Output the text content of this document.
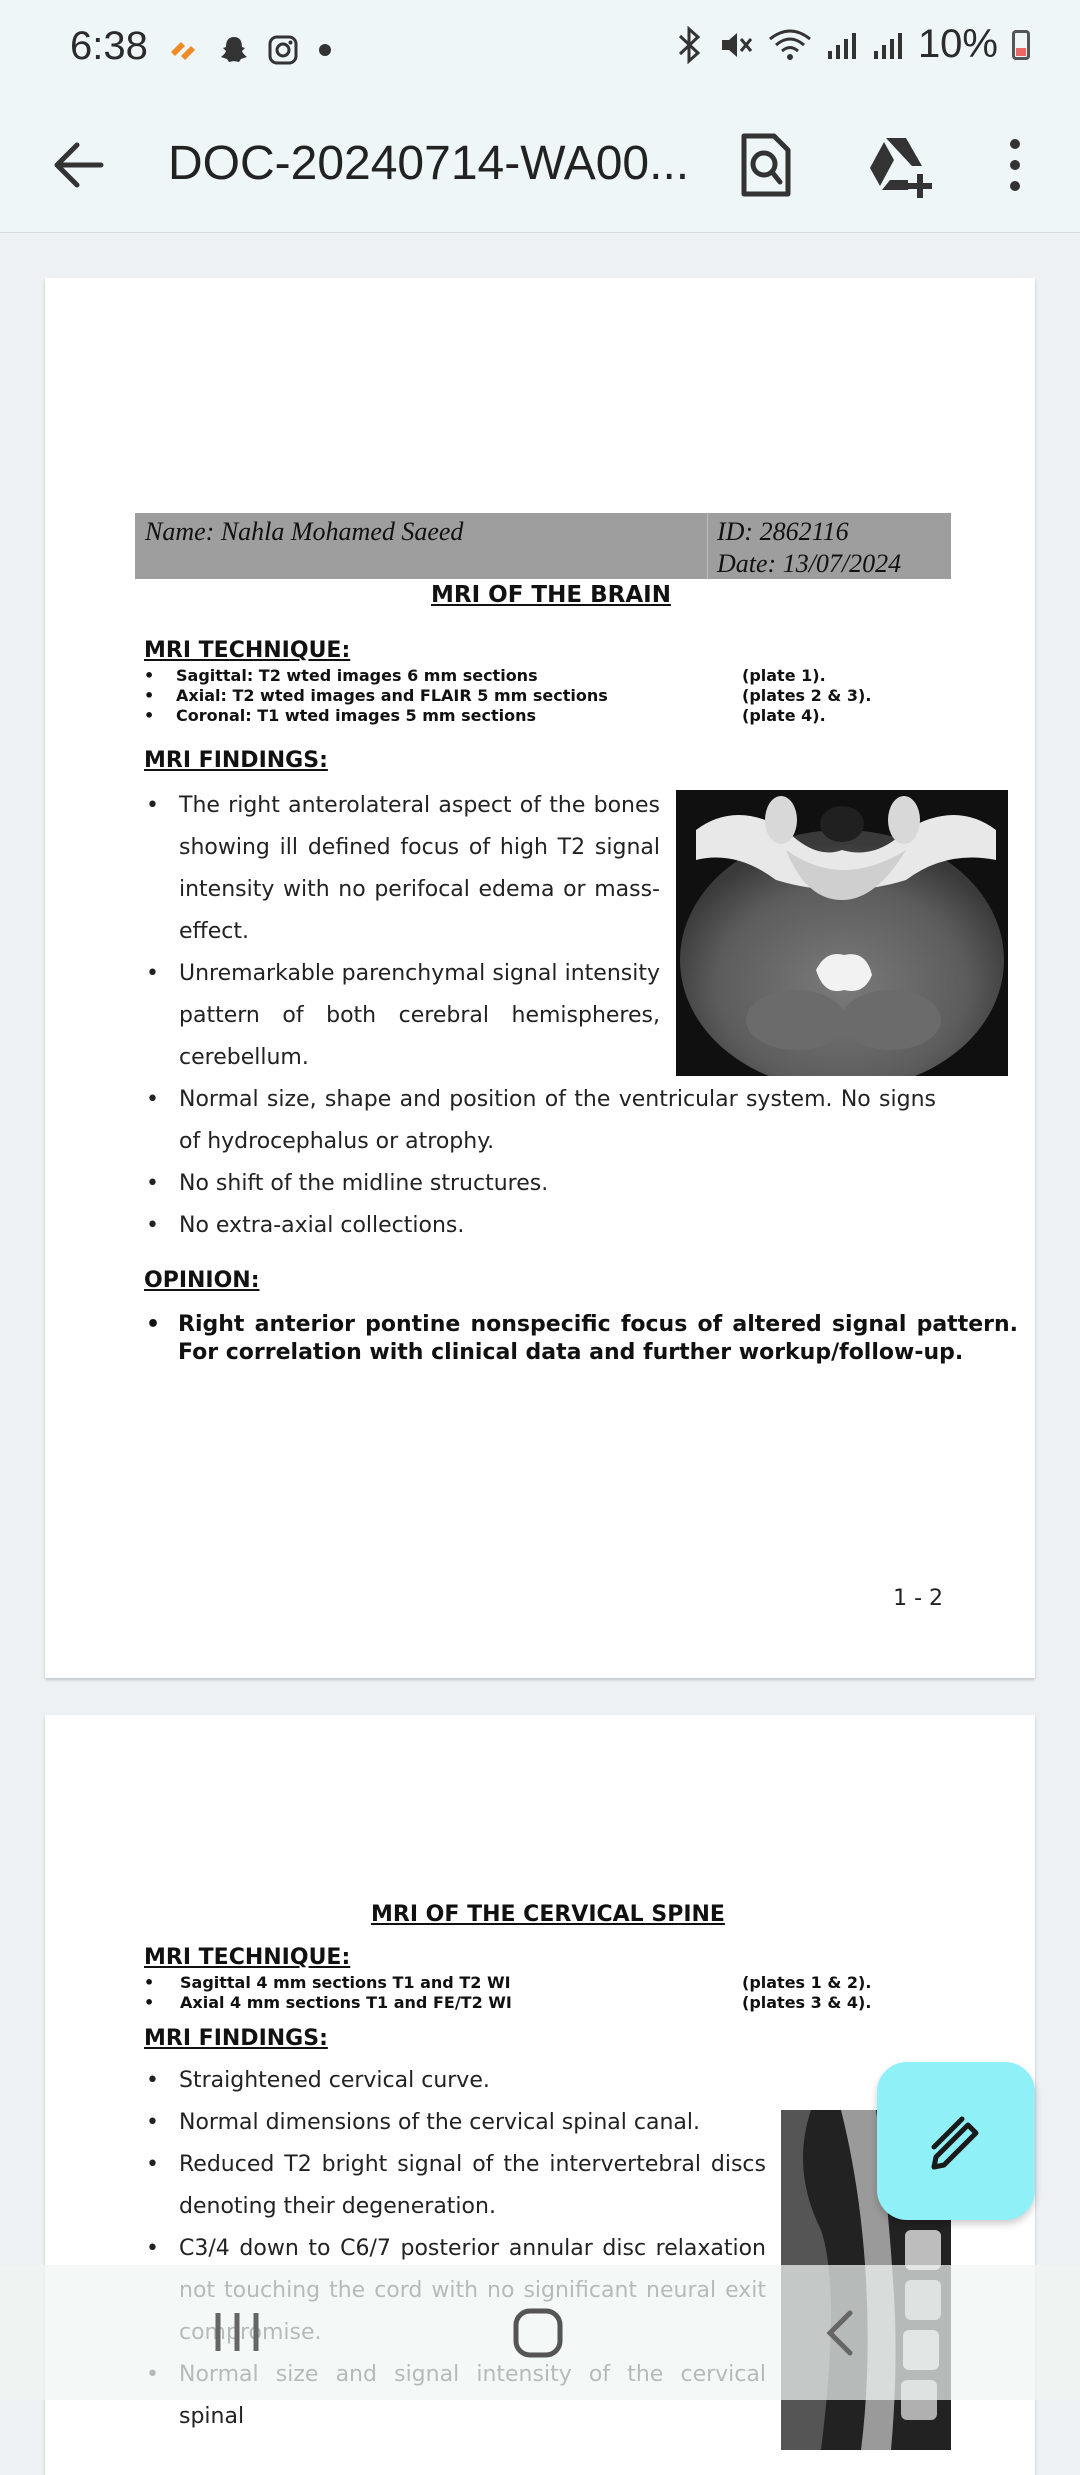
6:38	10%
DOC-20240714-WA00...
Name: Nahla Mohamed Saeed	ID: 2862116
Date: 13/07/2024
MRI OF THE BRAIN
MRI TECHNIQUE:
Sagittal: T2 wted images 6 mm sections	(plate 1).
Axial: T2 wted images and FLAIR 5 mm sections	(plates 2 & 3).
Coronal: T1 wted images 5 mm sections	(plate 4).
MRI FINDINGS:
• The right anterolateral aspect of the bones showing ill defined focus of high T2 signal intensity with no perifocal edema or mass-effect.
• Unremarkable parenchymal signal intensity pattern of both cerebral hemispheres, cerebellum.
• Normal size, shape and position of the ventricular system. No signs of hydrocephalus or atrophy.
• No shift of the midline structures.
• No extra-axial collections.
OPINION:
• Right anterior pontine nonspecific focus of altered signal pattern. For correlation with clinical data and further workup/follow-up.
1 - 2
MRI OF THE CERVICAL SPINE
MRI TECHNIQUE:
Sagittal 4 mm sections T1 and T2 WI	(plates 1 & 2).
Axial 4 mm sections T1 and FE/T2 WI	(plates 3 & 4).
MRI FINDINGS:
• Straightened cervical curve.
• Normal dimensions of the cervical spinal canal.
• Reduced T2 bright signal of the intervertebral discs denoting their degeneration.
• C3/4 down to C6/7 posterior annular disc relaxation
• spinal
